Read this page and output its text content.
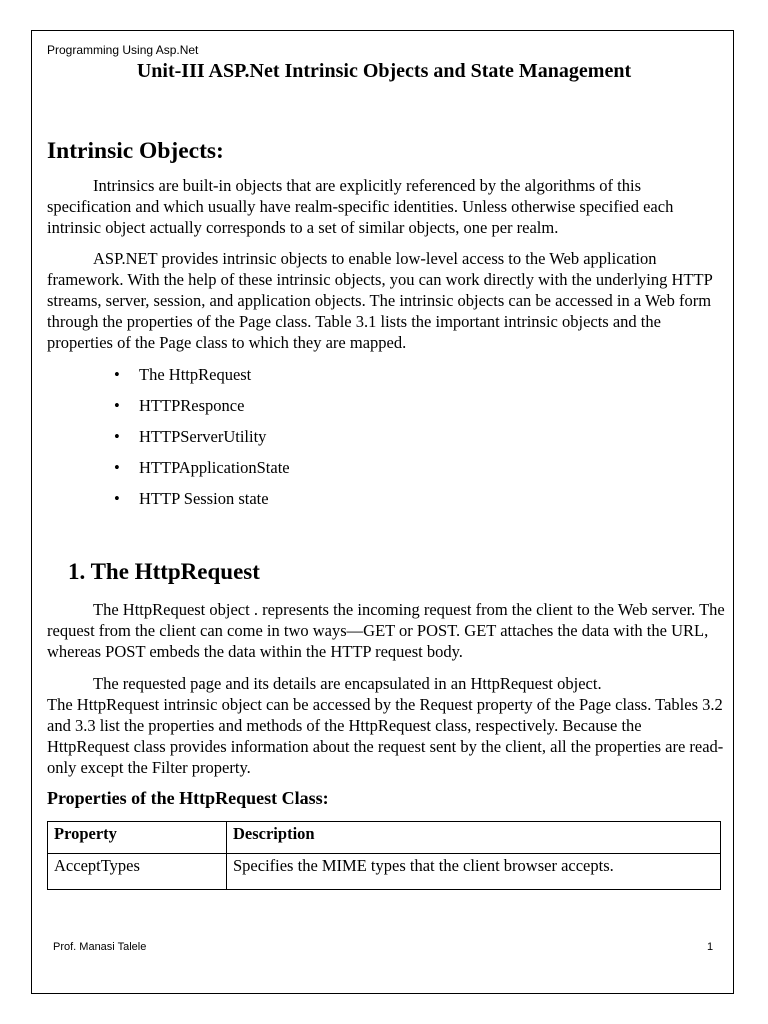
Programming Using Asp.Net
Unit-III ASP.Net Intrinsic Objects and State Management
Intrinsic Objects:
Intrinsics are built-in objects that are explicitly referenced by the algorithms of this specification and which usually have realm-specific identities. Unless otherwise specified each intrinsic object actually corresponds to a set of similar objects, one per realm.
ASP.NET provides intrinsic objects to enable low-level access to the Web application framework. With the help of these intrinsic objects, you can work directly with the underlying HTTP streams, server, session, and application objects. The intrinsic objects can be accessed in a Web form through the properties of the Page class. Table 3.1 lists the important intrinsic objects and the properties of the Page class to which they are mapped.
• The HttpRequest
• HTTPResponce
• HTTPServerUtility
• HTTPApplicationState
• HTTP Session state
1. The HttpRequest
The HttpRequest object . represents the incoming request from the client to the Web server. The request from the client can come in two ways—GET or POST. GET attaches the data with the URL, whereas POST embeds the data within the HTTP request body.
The requested page and its details are encapsulated in an HttpRequest object.
The HttpRequest intrinsic object can be accessed by the Request property of the Page class. Tables 3.2 and 3.3 list the properties and methods of the HttpRequest class, respectively. Because the HttpRequest class provides information about the request sent by the client, all the properties are read-only except the Filter property.
Properties of the HttpRequest Class:
Property	Description
AcceptTypes	Specifies the MIME types that the client browser accepts.
Prof. Manasi Talele	1
